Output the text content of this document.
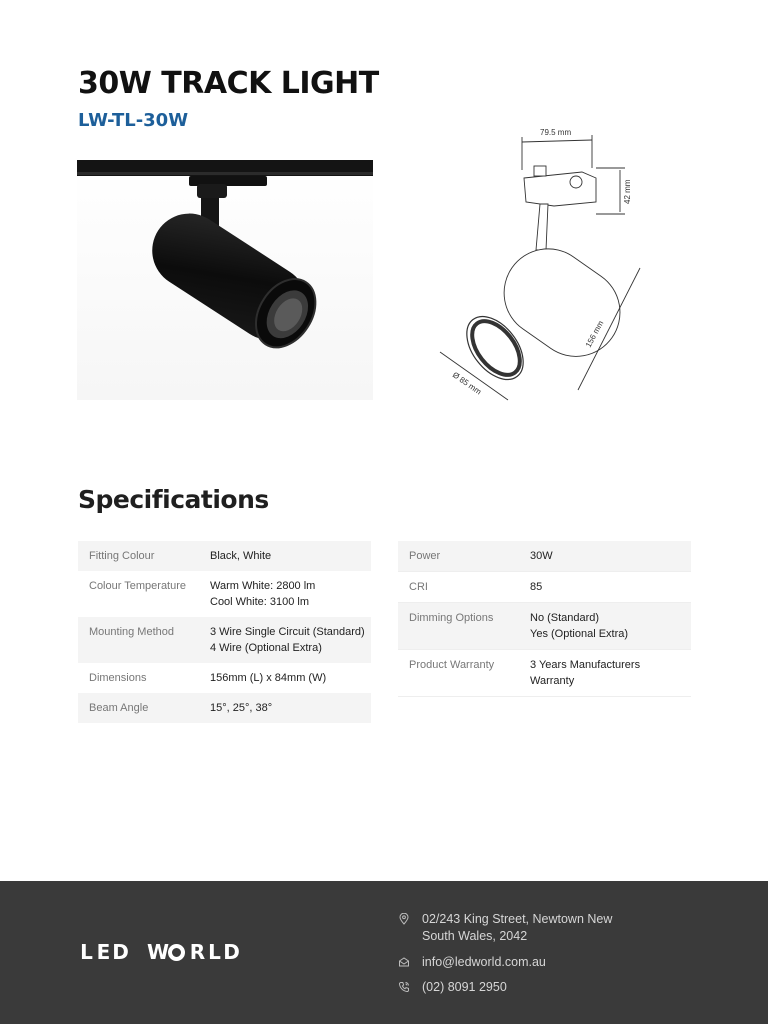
30W TRACK LIGHT
LW-TL-30W
79.5 mm
42 mm
156 mm
Ø 85 mm
Specifications
Fitting Colour	Black, White
Colour Temperature	Warm White: 2800 lm
Cool White: 3100 lm
Mounting Method	3 Wire Single Circuit (Standard)
4 Wire (Optional Extra)
Dimensions	156mm (L) x 84mm (W)
Beam Angle	15°, 25°, 38°
Power	30W
CRI	85
Dimming Options	No (Standard)
Yes (Optional Extra)
Product Warranty	3 Years Manufacturers
Warranty
L E D W R L D
02/243 King Street, Newtown New
South Wales, 2042
info@ledworld.com.au
(02) 8091 2950
